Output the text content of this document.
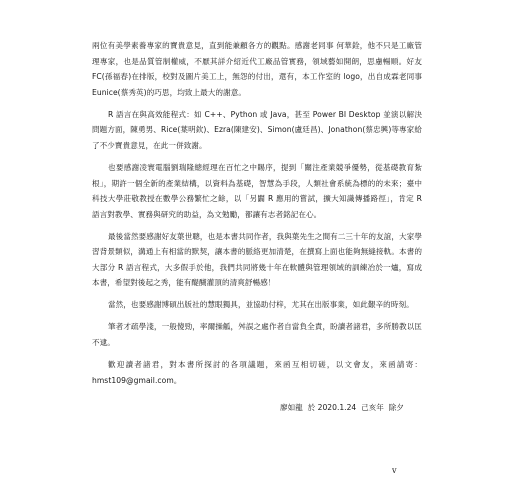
兩位有美學素養專家的寶貴意見，直到能兼顧各方的觀點。感謝老同事 何華銓，他不只是工廠管理專家，也是品質管制權威，不厭其詳介紹近代工廠品管實務，領域藝如開朗，思慮暢順。好友 FC(孫福春)在排版，校對及圖片美工上，無怨的付出，還有，本工作室的 logo，出自成霖老同事 Eunice(蔡秀英)的巧思，均致上最大的謝意。

R 語言在與高效能程式：如 C++、Python 或 Java，甚至 Power BI Desktop 並演以解決問題方面，陳勇男、Rice(葉明欽)、Ezra(陳建安)、Simon(盧廷昌)、Jonathon(蔡忠興)等專家給了不少寶貴意見，在此一併致謝。

也要感謝凌寰電腦劉瑞隆總經理在百忙之中賜序，提到「關注產業競爭優勢，從基礎教育紮根」，期許一個全新的產業結構，以資料為基礎，智慧為手段，人類社會系統為標的的未來；臺中科技大學莊敬教授在數學公務繁忙之餘，以「另闢 R 應用的嘗試，擴大知識傳播路徑」，肯定 R 語言對教學、實務與研究的助益，為文勉勵，都讓有志者銘記在心。

最後當然要感謝好友葉世聰，也是本書共同作者，我與葉先生之間有二三十年的友誼，大家學習背景類似，溝通上有相當的默契，讓本書的脈絡更加清楚，在撰寫上面也能夠無縫接軌。本書的大部分 R 語言程式，大多假手於他，我們共同將幾十年在軟體與管理領域的訓練冶於一爐，寫成本書，希望對後起之秀，能有醍醐灌頂的清爽舒暢感！

當然，也要感謝博碩出版社的慧眼獨具，並協助付梓，尤其在出版事業，如此艱辛的時刻。

筆者才疏學淺，一般傻勁，率爾操觚，舛誤之處作者自當負全責，盼讀者諸君，多所勝教以匡不逮。

歡迎讀者諸君，對本書所探討的各項議題，來函互相切磋，以文會友，來函請寄：hmst109@gmail.com。

廖如龍  於 2020.1.24  己亥年  除夕
v
